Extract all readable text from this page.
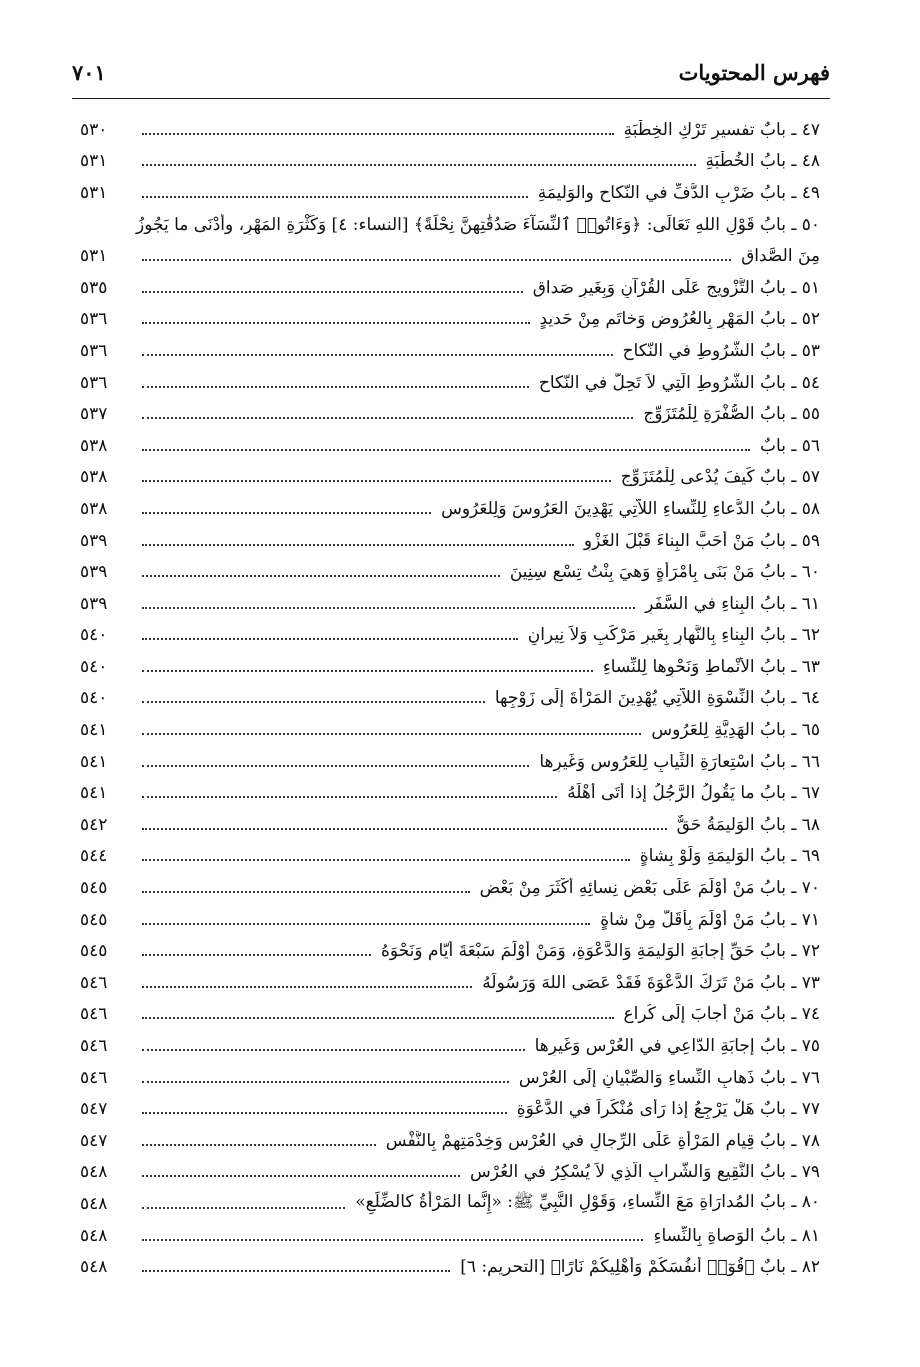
فهرس المحتويات
٧٠١
٤٧ ـ بابٌ تفسيرِ تَرْكِ الخِطْبَةِ
٥٣٠
٤٨ ـ بابُ الخُطْبَةِ
٥٣١
٤٩ ـ بابُ ضَرْبِ الدُّفِّ في النّكاح والوَليمَةِ
٥٣١
٥٠ ـ بابُ قَوْلِ اللهِ تَعَالَى: ﴿وَءَاتُوا۟ ٱلنِّسَآءَ صَدُقَٰتِهِنَّ نِحْلَةً﴾ [النساء: ٤] وَكَثْرَةِ المَهْرِ، وأَدْنَى ما يَجُوزُ
مِنَ الصَّداقِ
٥٣١
٥١ ـ بابُ التَّزْويجِ عَلَى القُرْآنِ وَبِغَيرِ صَداقٍ
٥٣٥
٥٢ ـ بابُ المَهْرِ بِالعُرُوضِ وَخاتَمٍ مِنْ حَديدٍ
٥٣٦
٥٣ ـ بابُ الشُّرُوطِ في النّكاحِ
٥٣٦
٥٤ ـ بابُ الشُّرُوطِ الَّتِي لاَ تَحِلُّ في النّكاحِ
٥٣٦
٥٥ ـ بابُ الصُّفْرَةِ لِلْمُتَزَوِّجِ
٥٣٧
٥٦ ـ بابٌ
٥٣٨
٥٧ ـ بابٌ كَيفَ يُدْعى لِلْمُتَزَوِّجِ
٥٣٨
٥٨ ـ بابُ الدُّعاءِ لِلنِّساءِ اللاّتِي يَهْدِينَ العَرُوسَ وَلِلعَرُوسِ
٥٣٨
٥٩ ـ بابُ مَنْ أَحَبَّ البِناءَ قَبْلَ الغَزْوِ
٥٣٩
٦٠ ـ بابُ مَنْ بَنَى بِامْرَأَةٍ وَهيَ بِنْتُ تِسْعِ سِنِينَ
٥٣٩
٦١ ـ بابُ البِناءِ في السَّفَرِ
٥٣٩
٦٢ ـ بابُ البِناءِ بِالنَّهارِ بِغَيرِ مَرْكَبٍ وَلاَ نِيرانٍ
٥٤٠
٦٣ ـ بابُ الأَنْماطِ وَنَحْوِها لِلنِّساءِ
٥٤٠
٦٤ ـ بابُ النِّسْوَةِ اللاّتِي يُهْدِينَ المَرْأَةَ إِلَى زَوْجِها
٥٤٠
٦٥ ـ بابُ الهَدِيَّةِ لِلعَرُوسِ
٥٤١
٦٦ ـ بابُ اسْتِعارَةِ الثِّيابِ لِلعَرُوسِ وَغَيرِها
٥٤١
٦٧ ـ بابُ ما يَقُولُ الرَّجُلُ إِذا أَتَى أَهْلَهُ
٥٤١
٦٨ ـ بابُ الوَليمَةُ حَقٌّ
٥٤٢
٦٩ ـ بابُ الوَليمَةِ وَلَوْ بِشاةٍ
٥٤٤
٧٠ ـ بابُ مَنْ أَوْلَمَ عَلَى بَعْضِ نِسائِهِ أَكْثَرَ مِنْ بَعْضٍ
٥٤٥
٧١ ـ بابُ مَنْ أَوْلَمَ بِأَقَلَّ مِنْ شاةٍ
٥٤٥
٧٢ ـ بابُ حَقِّ إِجابَةِ الوَليمَةِ وَالدَّعْوَةِ، وَمَنْ أَوْلَمَ سَبْعَةَ أَيّامٍ وَنَحْوَهُ
٥٤٥
٧٣ ـ بابُ مَنْ تَرَكَ الدَّعْوَةَ فَقَدْ عَصَى اللهَ وَرَسُولَهُ
٥٤٦
٧٤ ـ بابُ مَنْ أَجابَ إِلَى كُراعٍ
٥٤٦
٧٥ ـ بابُ إِجابَةِ الدّاعِي في العُرْسِ وَغَيرِها
٥٤٦
٧٦ ـ بابُ ذَهابِ النِّساءِ وَالصِّبْيانِ إِلَى العُرْسِ
٥٤٦
٧٧ ـ بابٌ هَلْ يَرْجِعُ إِذا رَأَى مُنْكَراً في الدَّعْوَةِ
٥٤٧
٧٨ ـ بابُ قِيامِ المَرْأَةِ عَلَى الرِّجالِ في العُرْسِ وَخِدْمَتِهِمْ بِالنَّفْسِ
٥٤٧
٧٩ ـ بابُ النَّقِيعِ وَالشَّرابِ الَّذِي لاَ يُسْكِرُ في العُرْسِ
٥٤٨
٨٠ ـ بابُ المُدارَاةِ مَعَ النِّساءِ، وَقَوْلِ النَّبِيِّ ﷺ: «إِنَّما المَرْأَةُ كالضِّلَعِ»
٥٤٨
٨١ ـ بابُ الوَصاةِ بِالنِّساءِ
٥٤٨
٨٢ ـ بابٌ ﴿قُوٓا۟ أَنفُسَكُمْ وَأَهْلِيكُمْ نَارًا﴾ [التحريم: ٦]
٥٤٨
